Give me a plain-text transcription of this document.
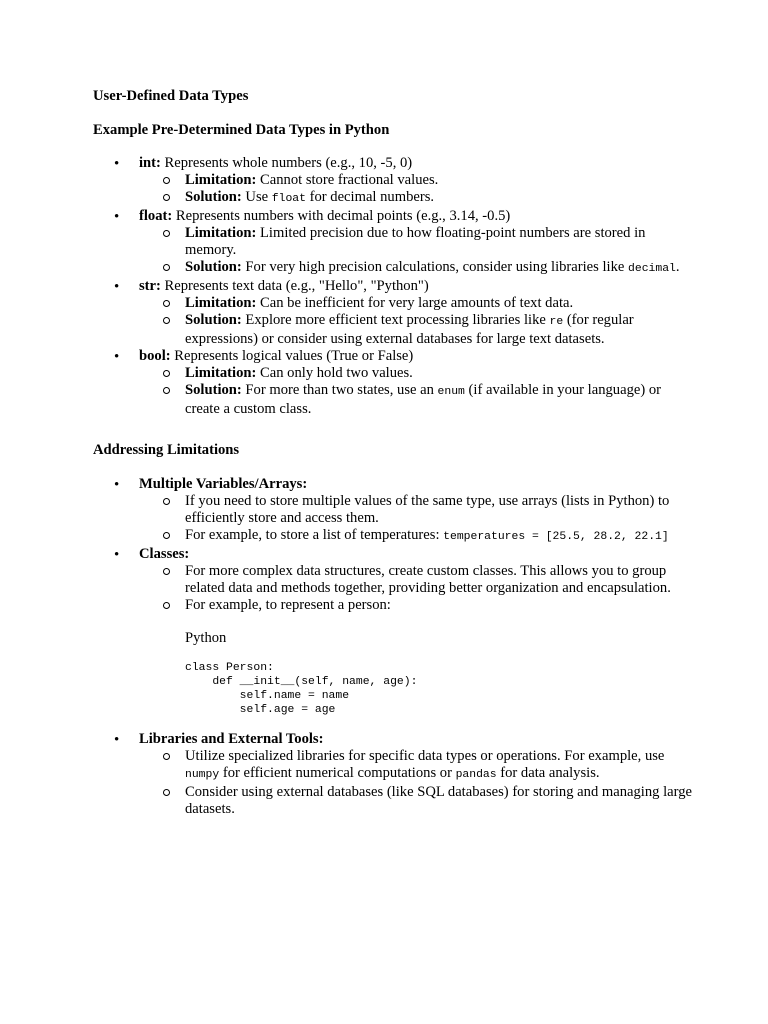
User-Defined Data Types

Example Pre-Determined Data Types in Python

• int: Represents whole numbers (e.g., 10, -5, 0)
Limitation: Cannot store fractional values.
Solution: Use float for decimal numbers.
• float: Represents numbers with decimal points (e.g., 3.14, -0.5)
Limitation: Limited precision due to how floating-point numbers are stored in memory.
Solution: For very high precision calculations, consider using libraries like decimal.
• str: Represents text data (e.g., "Hello", "Python")
Limitation: Can be inefficient for very large amounts of text data.
Solution: Explore more efficient text processing libraries like re (for regular expressions) or consider using external databases for large text datasets.
• bool: Represents logical values (True or False)
Limitation: Can only hold two values.
Solution: For more than two states, use an enum (if available in your language) or create a custom class.

Addressing Limitations

• Multiple Variables/Arrays:
If you need to store multiple values of the same type, use arrays (lists in Python) to efficiently store and access them.
For example, to store a list of temperatures: temperatures = [25.5, 28.2, 22.1]
• Classes:
For more complex data structures, create custom classes. This allows you to group related data and methods together, providing better organization and encapsulation.
For example, to represent a person:
Python
class Person:
def __init__(self, name, age):
self.name = name
self.age = age
• Libraries and External Tools:
Utilize specialized libraries for specific data types or operations. For example, use numpy for efficient numerical computations or pandas for data analysis.
Consider using external databases (like SQL databases) for storing and managing large datasets.
